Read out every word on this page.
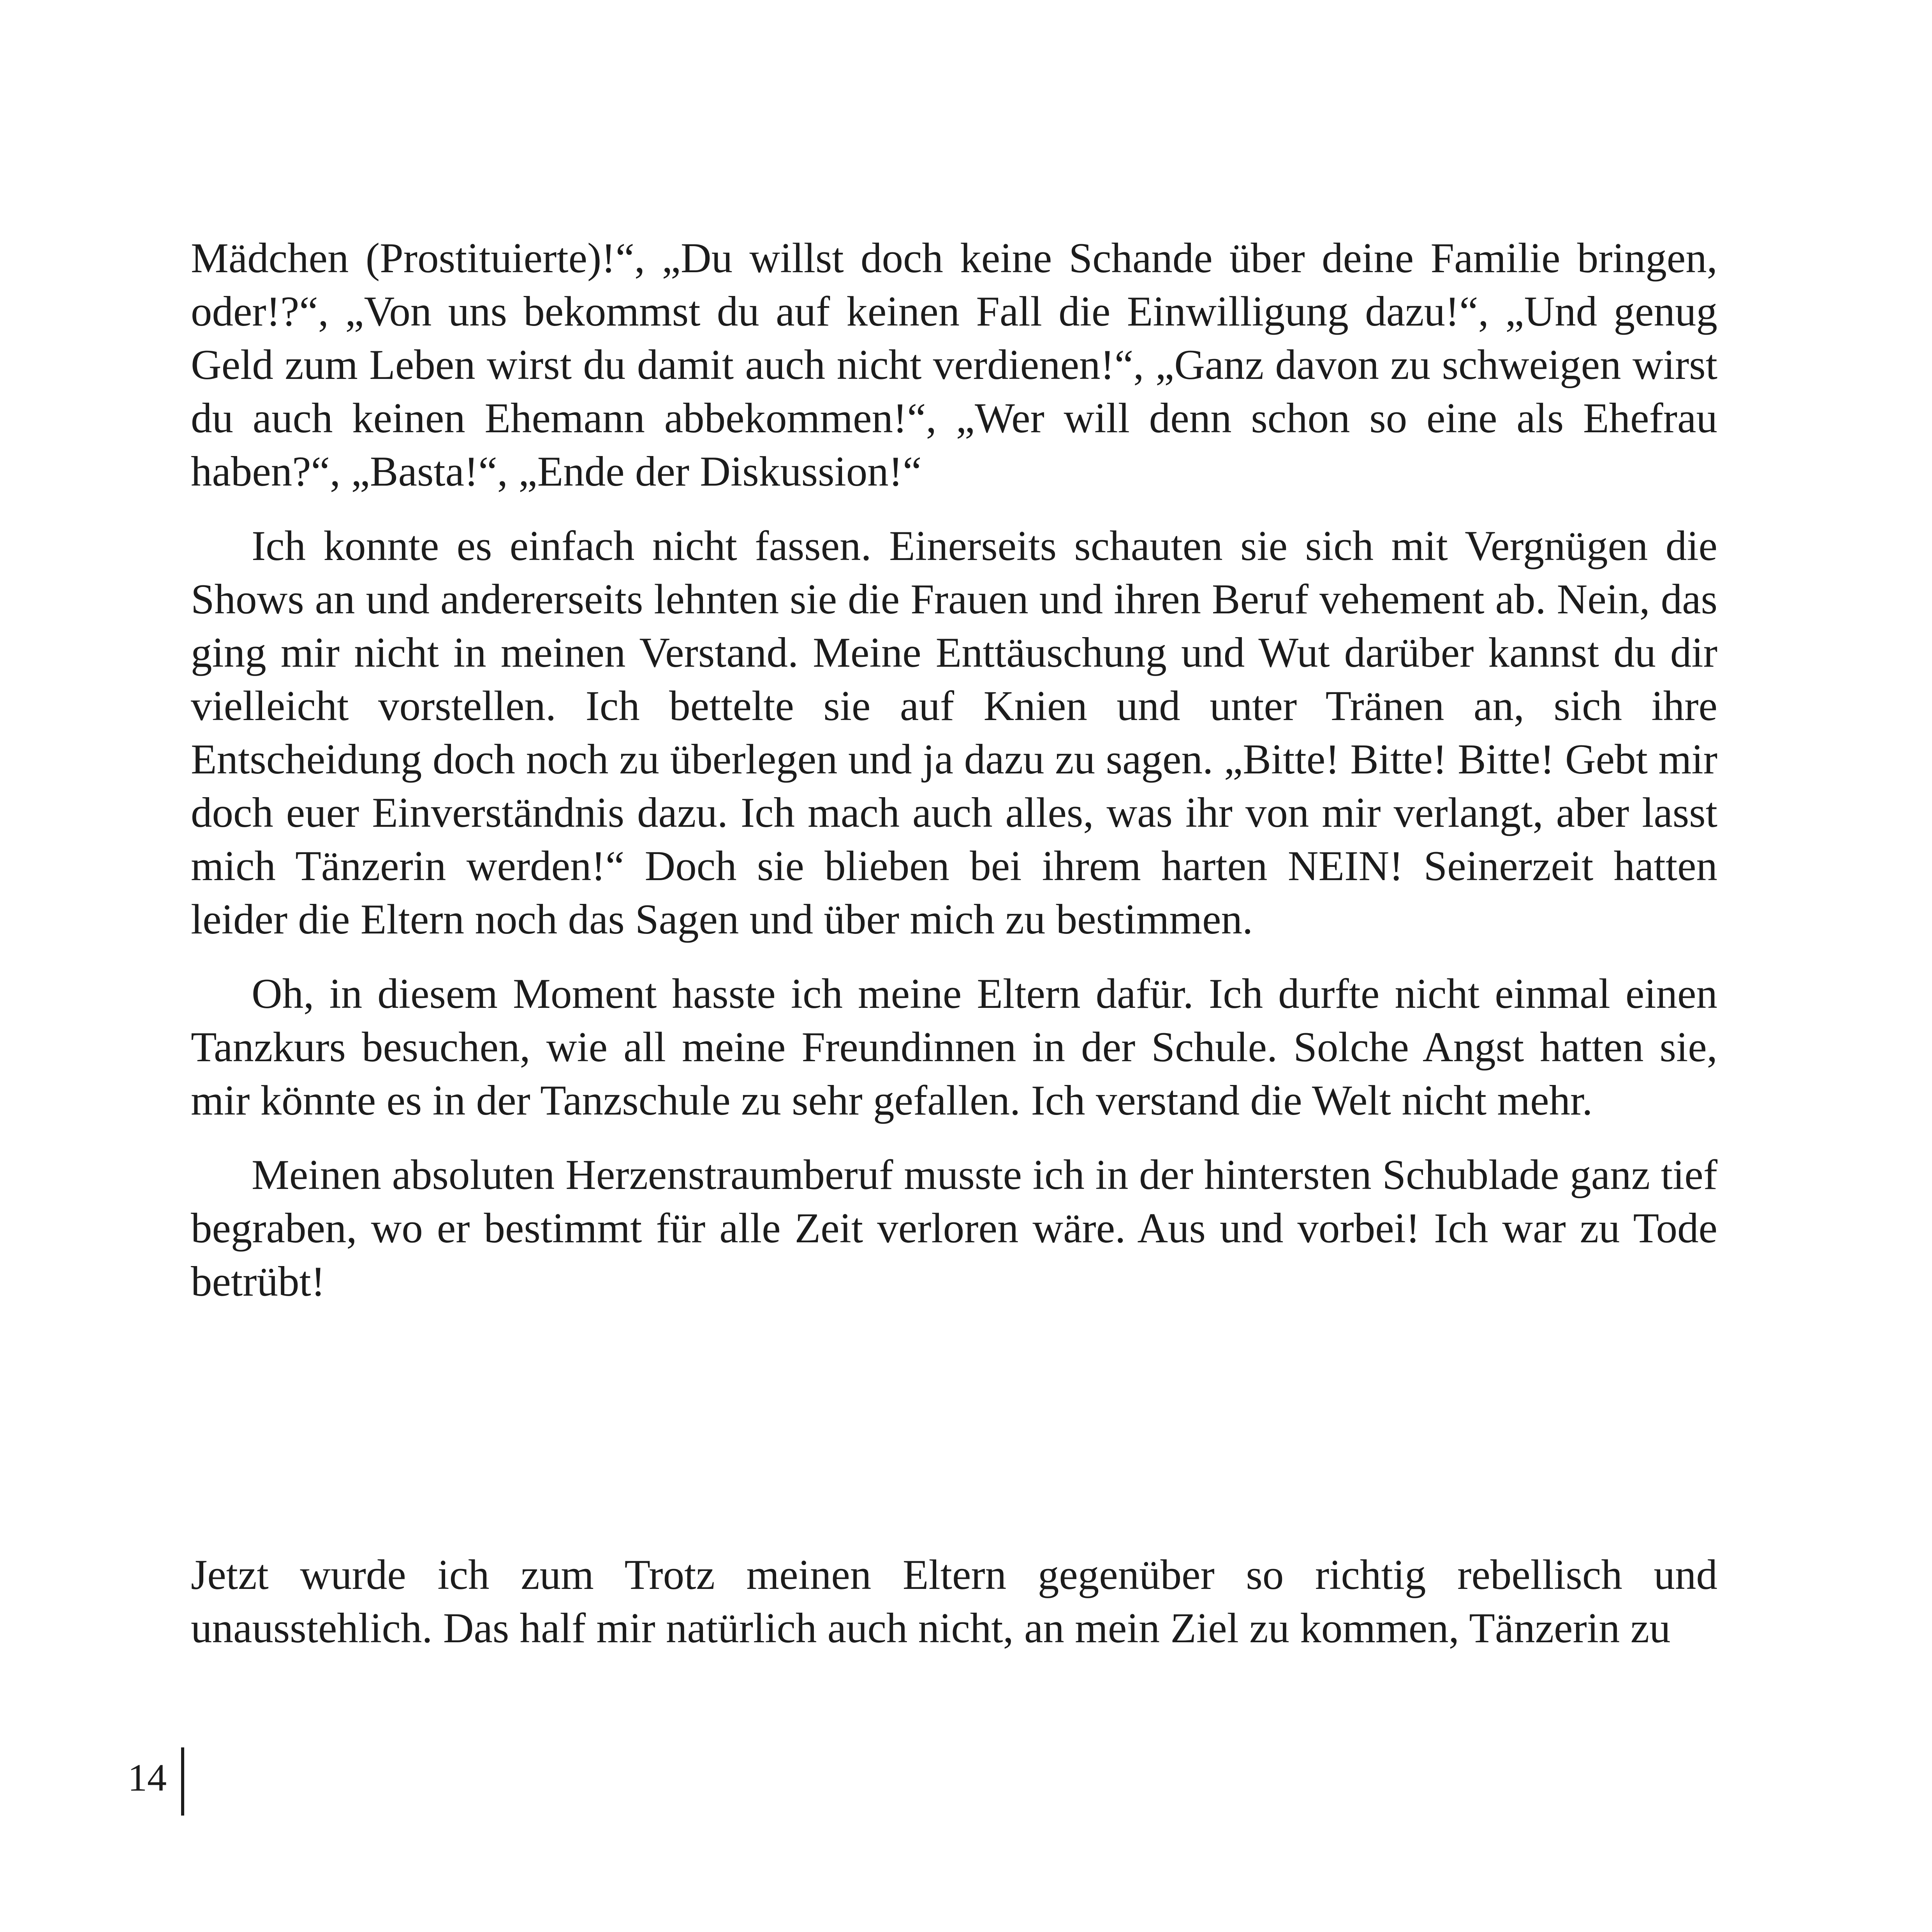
Mädchen (Prostituierte)!“, „Du willst doch keine Schande über deine Familie bringen, oder!?“, „Von uns bekommst du auf keinen Fall die Einwilligung dazu!“, „Und genug Geld zum Leben wirst du damit auch nicht verdienen!“, „Ganz davon zu schweigen wirst du auch keinen Ehemann abbekommen!“, „Wer will denn schon so eine als Ehefrau haben?“, „Basta!“, „Ende der Diskussion!“

Ich konnte es einfach nicht fassen. Einerseits schauten sie sich mit Vergnügen die Shows an und andererseits lehnten sie die Frauen und ihren Beruf vehement ab. Nein, das ging mir nicht in meinen Verstand. Meine Enttäuschung und Wut darüber kannst du dir vielleicht vorstellen. Ich bettelte sie auf Knien und unter Tränen an, sich ihre Entscheidung doch noch zu überlegen und ja dazu zu sagen. „Bitte! Bitte! Bitte! Gebt mir doch euer Einverständnis dazu. Ich mach auch alles, was ihr von mir verlangt, aber lasst mich Tänzerin werden!“ Doch sie blieben bei ihrem harten NEIN! Seinerzeit hatten leider die Eltern noch das Sagen und über mich zu bestimmen.

Oh, in diesem Moment hasste ich meine Eltern dafür. Ich durfte nicht einmal einen Tanzkurs besuchen, wie all meine Freundinnen in der Schule. Solche Angst hatten sie, mir könnte es in der Tanzschule zu sehr gefallen. Ich verstand die Welt nicht mehr.

Meinen absoluten Herzenstraumberuf musste ich in der hintersten Schublade ganz tief begraben, wo er bestimmt für alle Zeit verloren wäre. Aus und vorbei! Ich war zu Tode betrübt!

Jetzt wurde ich zum Trotz meinen Eltern gegenüber so richtig rebellisch und unausstehlich. Das half mir natürlich auch nicht, an mein Ziel zu kommen, Tänzerin zu

14
